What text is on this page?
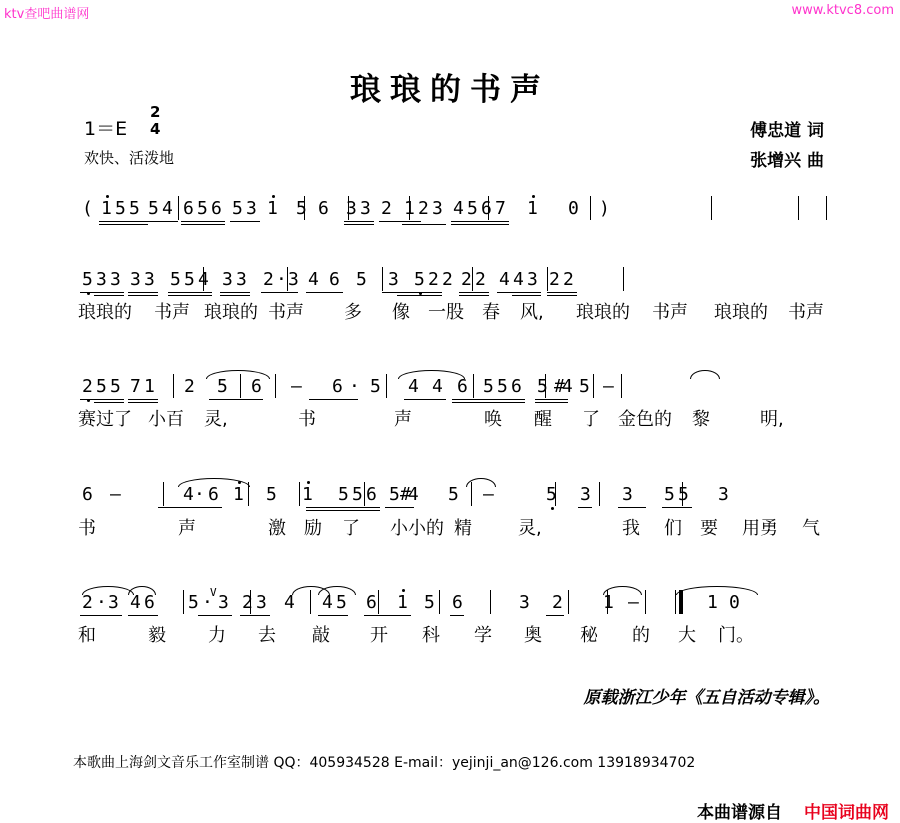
ktv查吧曲谱网	www.ktvc8.com
琅琅的书声
1＝E
2
4
欢快、活泼地
傅忠道 词
张增兴 曲
( 1 5 5 5 4 6 5 6 5 3 1 5 6 3 3 2 1 2 3 4 5 6 7 1 0 )
5 3 3 3 3 5 5 4 3 3 2 · 3 4 6 5 3 5 2 2 2 2 4 4 3 2 2
琅琅的 书声 琅琅的 书声 多 像 一股 春 风, 琅琅的 书声 琅琅的 书声
2 5 5 7 1 2 5 6 – 6 · 5 4 4 6 5 5 6 5 #4 5 –
赛过了 小百 灵,	书	声	唤 醒 了 金色的 黎	明,
6 –	4 · 6 1 5 1 5 5 6 5 #4 5 –	5 3 3 5 5 3
书	声	激 励 了 小小的 精	灵,	我 们 要 用勇 气
2 · 3 4 6 5 ·
V 3 2 3 4 4 5 6 1 5 6	3 2 1 –	1 0
和	毅 力 去 敲 开 科 学 奥 秘 的 大 门。
原载浙江少年《五自活动专辑》。
本歌曲上海剑文音乐工作室制谱 QQ：405934528 E-mail：yejinji_an@126.com 13918934702
本曲谱源自 中国词曲网
